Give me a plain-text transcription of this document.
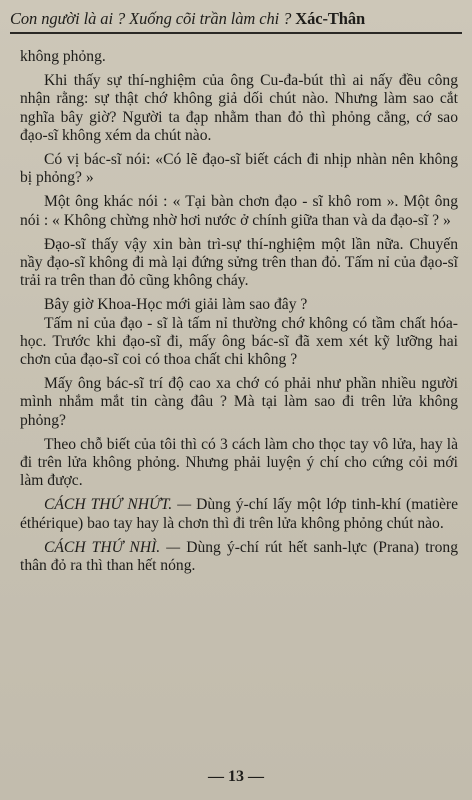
Con người là ai ? Xuống cõi trần làm chi ? Xác-Thân

không phỏng.

Khi thấy sự thí-nghiệm của ông Cu-đa-bút thì ai nấy đều công nhận rằng: sự thật chớ không giả dối chút nào. Nhưng làm sao cắt nghĩa bây giờ? Người ta đạp nhằm than đỏ thì phỏng cẳng, cớ sao đạo-sĩ không xém da chút nào.

Có vị bác-sĩ nói: «Có lẽ đạo-sĩ biết cách đi nhịp nhàn nên không bị phỏng? »

Một ông khác nói : « Tại bàn chơn đạo - sĩ khô rom ». Một ông nói : « Không chừng nhờ hơi nước ở chính giữa than và da đạo-sĩ ? »

Đạo-sĩ thấy vậy xin bàn trì-sự thí-nghiệm một lần nữa. Chuyến nầy đạo-sĩ không đi mà lại đứng sửng trên than đỏ. Tấm nỉ của đạo-sĩ trải ra trên than đỏ cũng không cháy.

Bây giờ Khoa-Học mới giải làm sao đây ?

Tấm nỉ của đạo - sĩ là tấm nỉ thường chớ không có tầm chất hóa-học. Trước khi đạo-sĩ đi, mấy ông bác-sĩ đã xem xét kỹ lưỡng hai chơn của đạo-sĩ coi có thoa chất chi không ?

Mấy ông bác-sĩ trí độ cao xa chớ có phải như phần nhiều người mình nhắm mắt tin càng đâu ? Mà tại làm sao đi trên lửa không phỏng?

Theo chỗ biết của tôi thì có 3 cách làm cho thọc tay vô lửa, hay là đi trên lửa không phỏng. Nhưng phải luyện ý chí cho cứng cỏi mới làm được.

CÁCH THỨ NHỨT. — Dùng ý-chí lấy một lớp tinh-khí (matière éthérique) bao tay hay là chơn thì đi trên lửa không phỏng chút nào.

CÁCH THỨ NHÌ. — Dùng ý-chí rút hết sanh-lực (Prana) trong thân đỏ ra thì than hết nóng.

— 13 —
